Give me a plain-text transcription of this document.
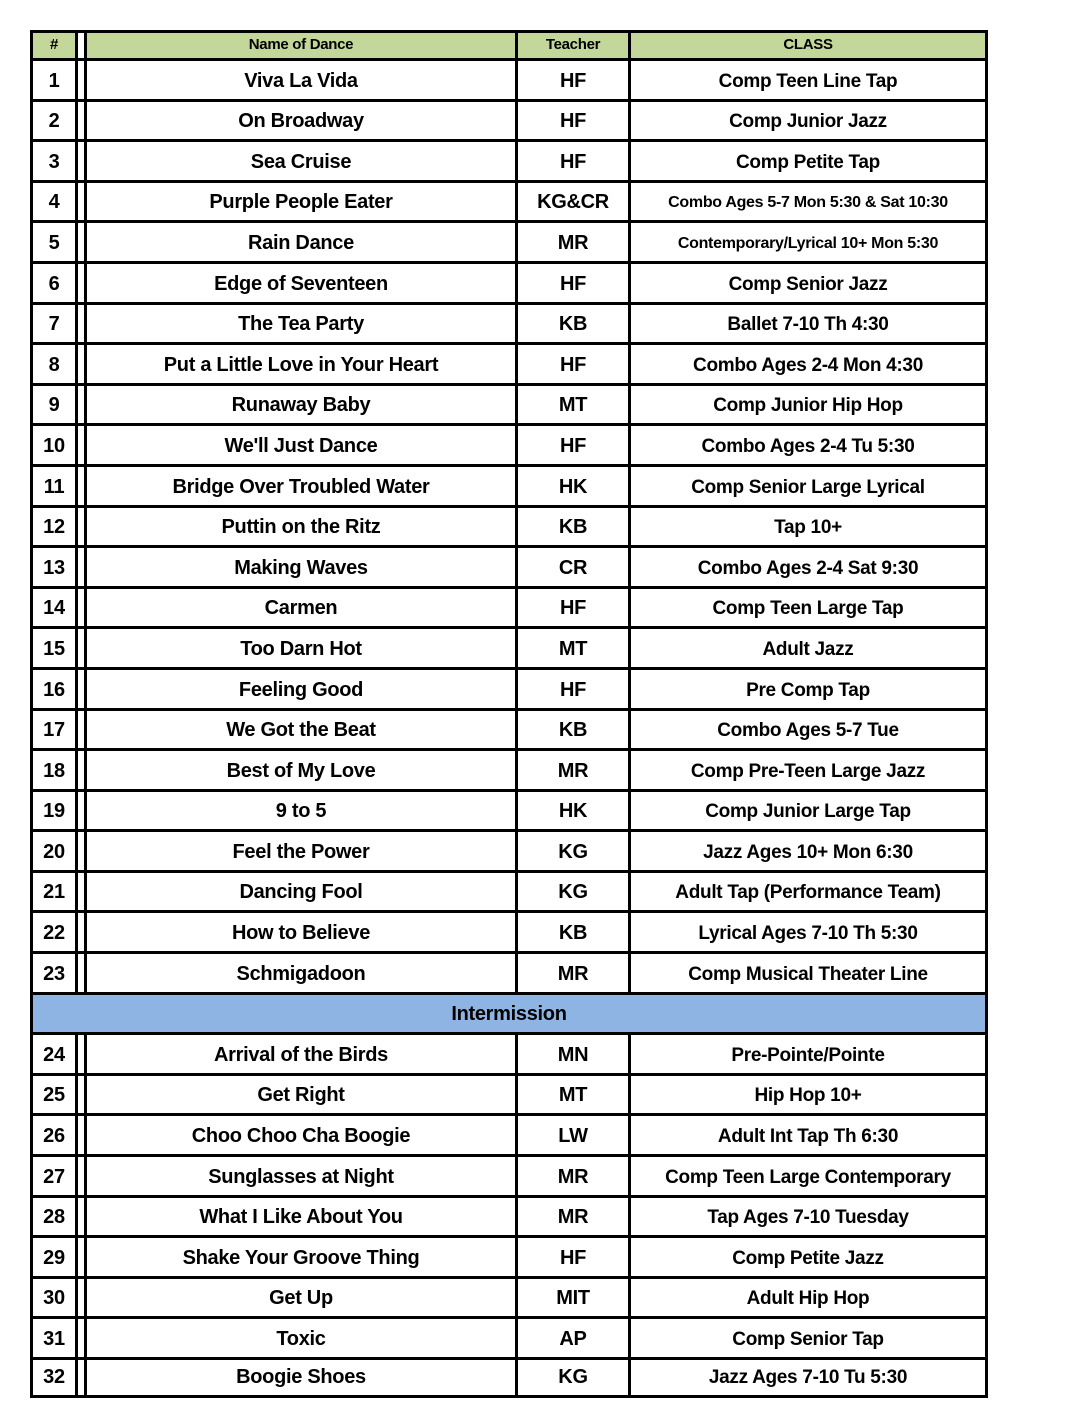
#	Name of Dance	Teacher	CLASS
1	Viva La Vida	HF	Comp Teen Line Tap
2	On Broadway	HF	Comp Junior Jazz
3	Sea Cruise	HF	Comp Petite Tap
4	Purple People Eater	KG&CR	Combo Ages 5-7 Mon 5:30 & Sat 10:30
5	Rain Dance	MR	Contemporary/Lyrical 10+ Mon 5:30
6	Edge of Seventeen	HF	Comp Senior Jazz
7	The Tea Party	KB	Ballet 7-10 Th 4:30
8	Put a Little Love in Your Heart	HF	Combo Ages 2-4 Mon 4:30
9	Runaway Baby	MT	Comp Junior Hip Hop
10	We'll Just Dance	HF	Combo Ages 2-4 Tu 5:30
11	Bridge Over Troubled Water	HK	Comp Senior Large Lyrical
12	Puttin on the Ritz	KB	Tap 10+
13	Making Waves	CR	Combo Ages 2-4 Sat 9:30
14	Carmen	HF	Comp Teen Large Tap
15	Too Darn Hot	MT	Adult Jazz
16	Feeling Good	HF	Pre Comp Tap
17	We Got the Beat	KB	Combo Ages 5-7 Tue
18	Best of My Love	MR	Comp Pre-Teen Large Jazz
19	9 to 5	HK	Comp Junior Large Tap
20	Feel the Power	KG	Jazz Ages 10+ Mon 6:30
21	Dancing Fool	KG	Adult Tap (Performance Team)
22	How to Believe	KB	Lyrical Ages 7-10 Th 5:30
23	Schmigadoon	MR	Comp Musical Theater Line
Intermission
24	Arrival of the Birds	MN	Pre-Pointe/Pointe
25	Get Right	MT	Hip Hop 10+
26	Choo Choo Cha Boogie	LW	Adult Int Tap Th 6:30
27	Sunglasses at Night	MR	Comp Teen Large Contemporary
28	What I Like About You	MR	Tap Ages 7-10 Tuesday
29	Shake Your Groove Thing	HF	Comp Petite Jazz
30	Get Up	MIT	Adult Hip Hop
31	Toxic	AP	Comp Senior Tap
32	Boogie Shoes	KG	Jazz Ages 7-10 Tu 5:30
